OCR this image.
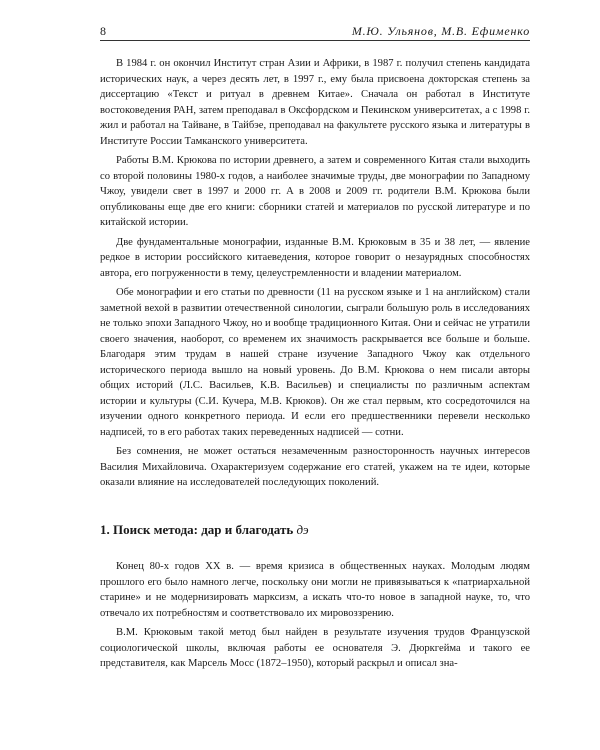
8	М.Ю. Ульянов, М.В. Ефименко

В 1984 г. он окончил Институт стран Азии и Африки, в 1987 г. получил степень кандидата исторических наук, а через десять лет, в 1997 г., ему была присвоена докторская степень за диссертацию «Текст и ритуал в древнем Китае». Сначала он работал в Институте востоковедения РАН, затем преподавал в Оксфордском и Пекинском университетах, а с 1998 г. жил и работал на Тайване, в Тайбэе, преподавал на факультете русского языка и литературы в Институте России Тамканского университета.

Работы В.М. Крюкова по истории древнего, а затем и современного Китая стали выходить со второй половины 1980-х годов, а наиболее значимые труды, две монографии по Западному Чжоу, увидели свет в 1997 и 2000 гг. А в 2008 и 2009 гг. родители В.М. Крюкова были опубликованы еще две его книги: сборники статей и материалов по русской литературе и по китайской истории.

Две фундаментальные монографии, изданные В.М. Крюковым в 35 и 38 лет, — явление редкое в истории российского китаеведения, которое говорит о незаурядных способностях автора, его погруженности в тему, целеустремленности и владении материалом.

Обе монографии и его статьи по древности (11 на русском языке и 1 на английском) стали заметной вехой в развитии отечественной синологии, сыграли большую роль в исследованиях не только эпохи Западного Чжоу, но и вообще традиционного Китая. Они и сейчас не утратили своего значения, наоборот, со временем их значимость раскрывается все больше и больше. Благодаря этим трудам в нашей стране изучение Западного Чжоу как отдельного исторического периода вышло на новый уровень. До В.М. Крюкова о нем писали авторы общих историй (Л.С. Васильев, К.В. Васильев) и специалисты по различным аспектам истории и культуры (С.И. Кучера, М.В. Крюков). Он же стал первым, кто сосредоточился на изучении одного конкретного периода. И если его предшественники перевели несколько надписей, то в его работах таких переведенных надписей — сотни.

Без сомнения, не может остаться незамеченным разносторонность научных интересов Василия Михайловича. Охарактеризуем содержание его статей, укажем на те идеи, которые оказали влияние на исследователей последующих поколений.

1. Поиск метода: дар и благодать дэ

Конец 80-х годов XX в. — время кризиса в общественных науках. Молодым людям прошлого его было намного легче, поскольку они могли не привязываться к «патриархальной старине» и не модернизировать марксизм, а искать что-то новое в западной науке, то, что отвечало их потребностям и соответствовало их мировоззрению.

В.М. Крюковым такой метод был найден в результате изучения трудов Французской социологической школы, включая работы ее основателя Э. Дюркгейма и такого ее представителя, как Марсель Мосс (1872–1950), который раскрыл и описал зна-
